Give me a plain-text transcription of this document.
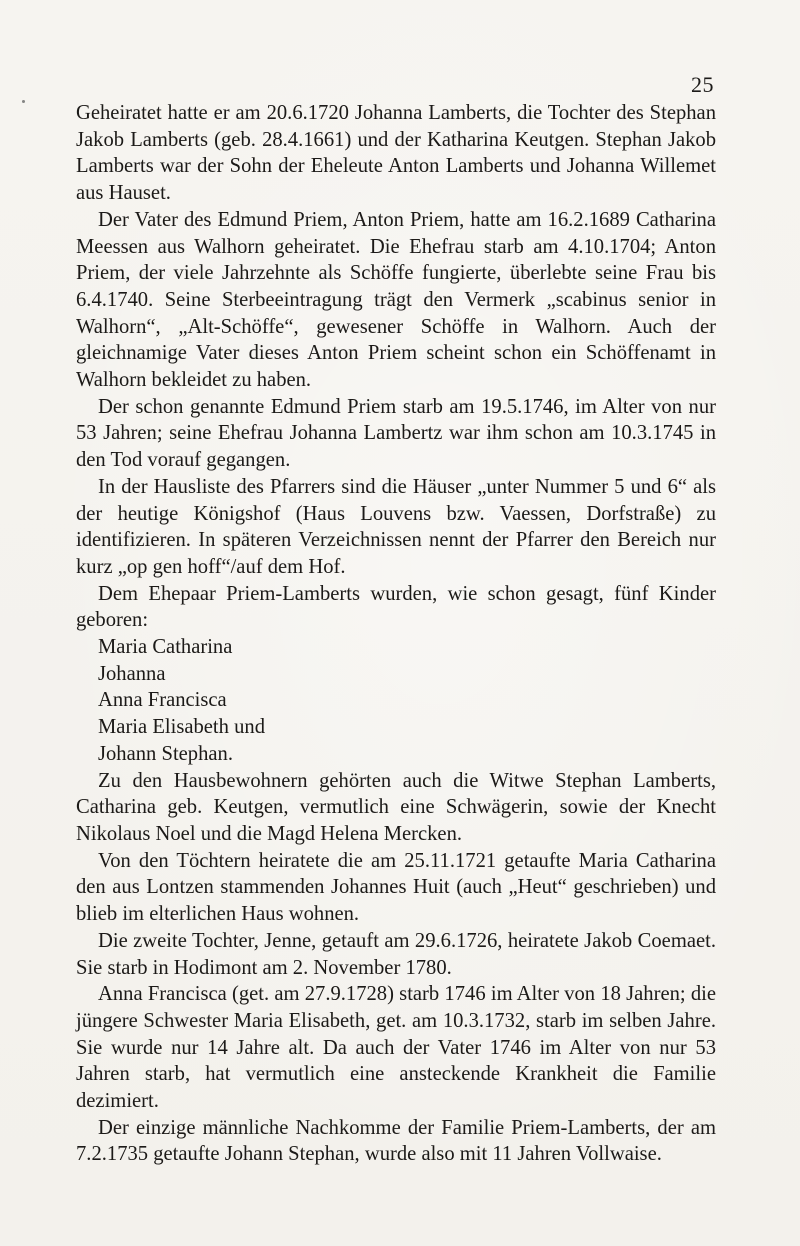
25

Geheiratet hatte er am 20.6.1720 Johanna Lamberts, die Tochter des Stephan Jakob Lamberts (geb. 28.4.1661) und der Katharina Keutgen. Stephan Jakob Lamberts war der Sohn der Eheleute Anton Lamberts und Johanna Willemet aus Hauset.

Der Vater des Edmund Priem, Anton Priem, hatte am 16.2.1689 Catharina Meessen aus Walhorn geheiratet. Die Ehefrau starb am 4.10.1704; Anton Priem, der viele Jahrzehnte als Schöffe fungierte, überlebte seine Frau bis 6.4.1740. Seine Sterbeeintragung trägt den Vermerk „scabinus senior in Walhorn“, „Alt-Schöffe“, gewesener Schöffe in Walhorn. Auch der gleichnamige Vater dieses Anton Priem scheint schon ein Schöffenamt in Walhorn bekleidet zu haben.

Der schon genannte Edmund Priem starb am 19.5.1746, im Alter von nur 53 Jahren; seine Ehefrau Johanna Lambertz war ihm schon am 10.3.1745 in den Tod vorauf gegangen.

In der Hausliste des Pfarrers sind die Häuser „unter Nummer 5 und 6“ als der heutige Königshof (Haus Louvens bzw. Vaessen, Dorfstraße) zu identifizieren. In späteren Verzeichnissen nennt der Pfarrer den Bereich nur kurz „op gen hoff“/auf dem Hof.

Dem Ehepaar Priem-Lamberts wurden, wie schon gesagt, fünf Kinder geboren:

Maria Catharina
Johanna
Anna Francisca
Maria Elisabeth und
Johann Stephan.

Zu den Hausbewohnern gehörten auch die Witwe Stephan Lamberts, Catharina geb. Keutgen, vermutlich eine Schwägerin, sowie der Knecht Nikolaus Noel und die Magd Helena Mercken.

Von den Töchtern heiratete die am 25.11.1721 getaufte Maria Catharina den aus Lontzen stammenden Johannes Huit (auch „Heut“ geschrieben) und blieb im elterlichen Haus wohnen.

Die zweite Tochter, Jenne, getauft am 29.6.1726, heiratete Jakob Coemaet. Sie starb in Hodimont am 2. November 1780.

Anna Francisca (get. am 27.9.1728) starb 1746 im Alter von 18 Jahren; die jüngere Schwester Maria Elisabeth, get. am 10.3.1732, starb im selben Jahre. Sie wurde nur 14 Jahre alt. Da auch der Vater 1746 im Alter von nur 53 Jahren starb, hat vermutlich eine ansteckende Krankheit die Familie dezimiert.

Der einzige männliche Nachkomme der Familie Priem-Lamberts, der am 7.2.1735 getaufte Johann Stephan, wurde also mit 11 Jahren Vollwaise.
